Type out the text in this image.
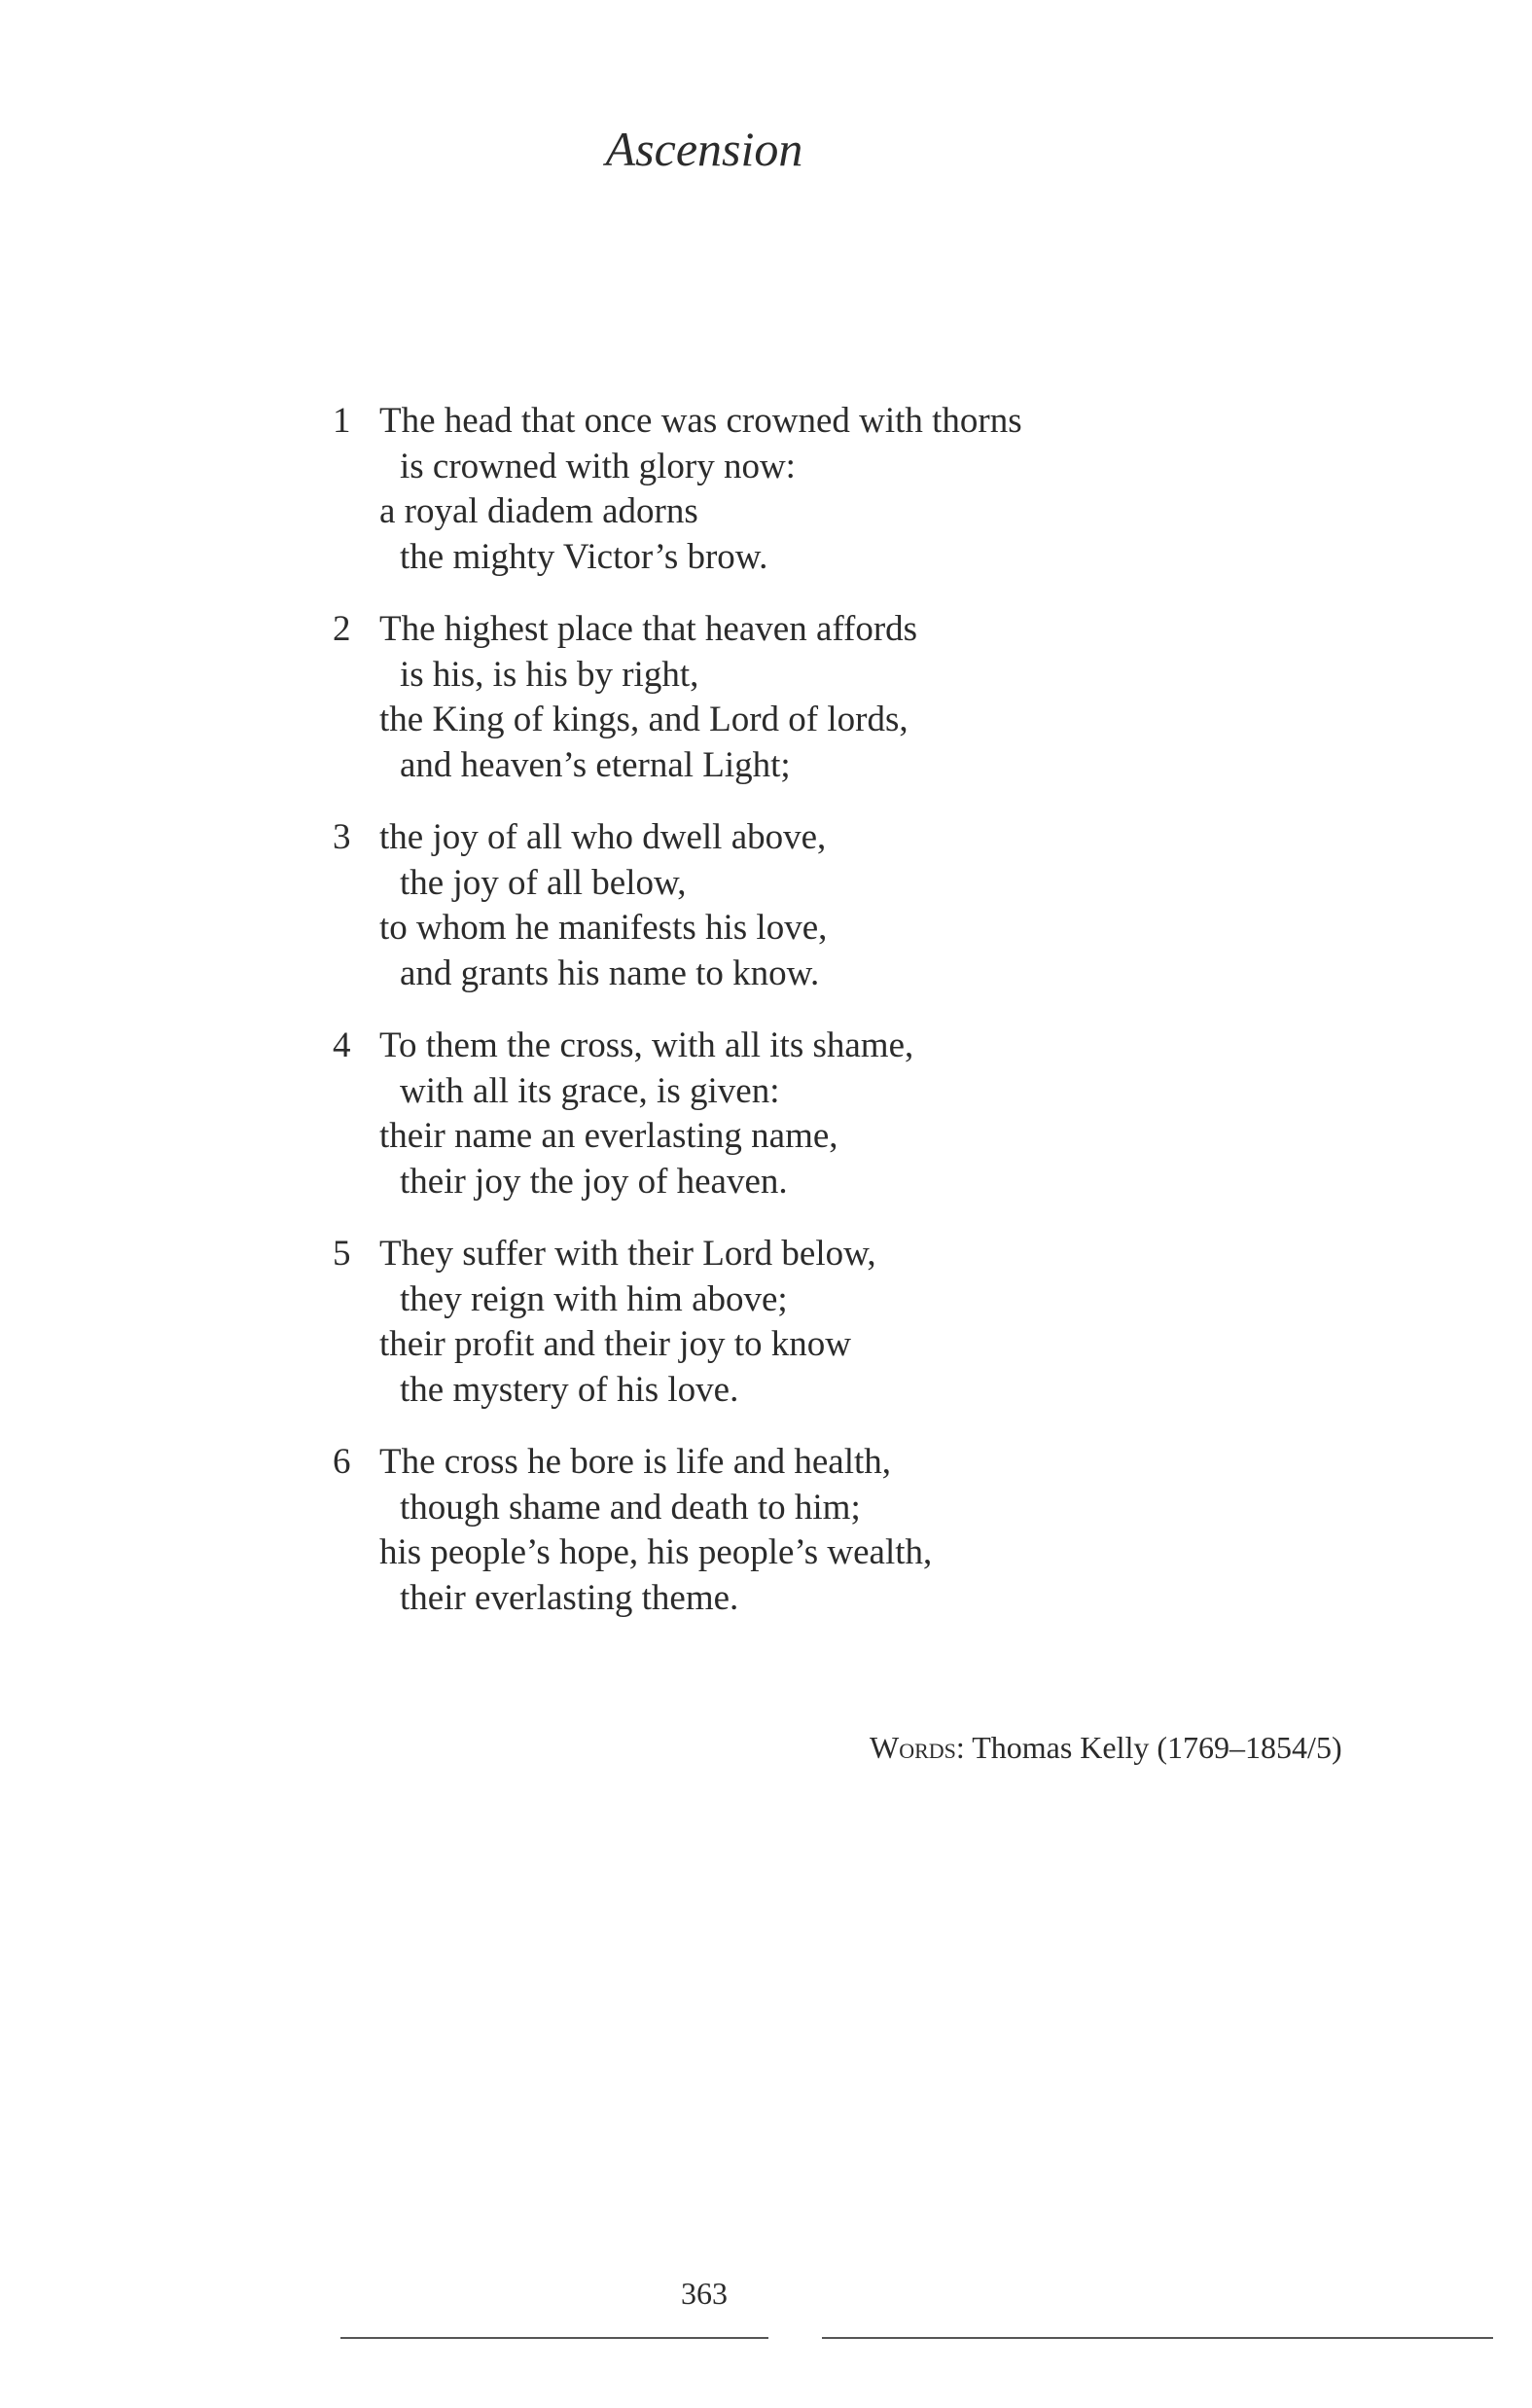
Ascension
1 The head that once was crowned with thorns
is crowned with glory now:
a royal diadem adorns
the mighty Victor’s brow.
2 The highest place that heaven affords
is his, is his by right,
the King of kings, and Lord of lords,
and heaven’s eternal Light;
3 the joy of all who dwell above,
the joy of all below,
to whom he manifests his love,
and grants his name to know.
4 To them the cross, with all its shame,
with all its grace, is given:
their name an everlasting name,
their joy the joy of heaven.
5 They suffer with their Lord below,
they reign with him above;
their profit and their joy to know
the mystery of his love.
6 The cross he bore is life and health,
though shame and death to him;
his people’s hope, his people’s wealth,
their everlasting theme.
Words: Thomas Kelly (1769–1854/5)
363
